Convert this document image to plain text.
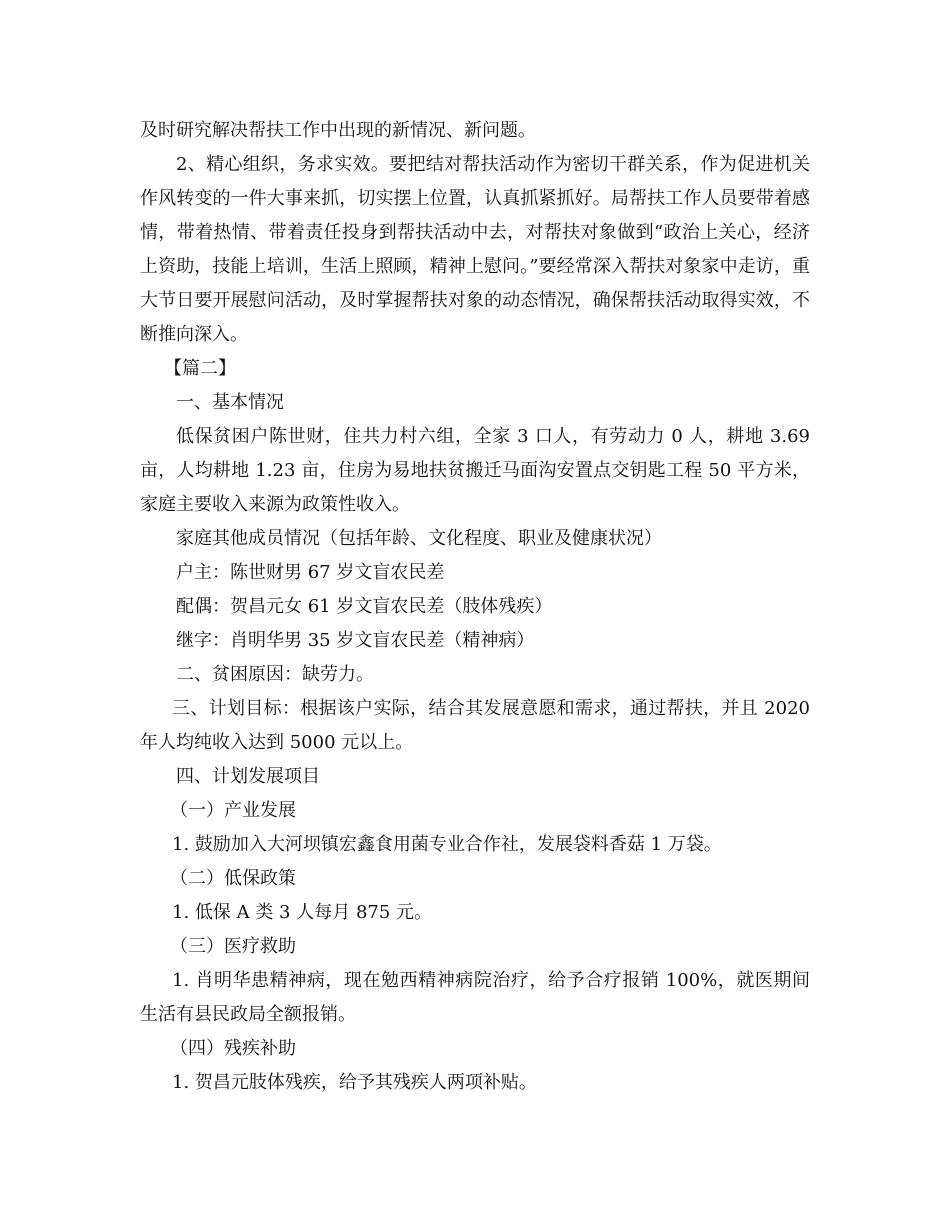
及时研究解决帮扶工作中出现的新情况、新问题。

2、精心组织，务求实效。要把结对帮扶活动作为密切干群关系，作为促进机关作风转变的一件大事来抓，切实摆上位置，认真抓紧抓好。局帮扶工作人员要带着感情，带着热情、带着责任投身到帮扶活动中去，对帮扶对象做到“政治上关心，经济上资助，技能上培训，生活上照顾，精神上慰问。”要经常深入帮扶对象家中走访，重大节日要开展慰问活动，及时掌握帮扶对象的动态情况，确保帮扶活动取得实效，不断推向深入。

【篇二】

一、基本情况

低保贫困户陈世财，住共力村六组，全家 3 口人，有劳动力 0 人，耕地 3.69 亩，人均耕地 1.23 亩，住房为易地扶贫搬迁马面沟安置点交钥匙工程 50 平方米，家庭主要收入来源为政策性收入。

家庭其他成员情况（包括年龄、文化程度、职业及健康状况）

户主：陈世财男 67 岁文盲农民差

配偶：贺昌元女 61 岁文盲农民差（肢体残疾）

继字：肖明华男 35 岁文盲农民差（精神病）

二、贫困原因：缺劳力。

三、计划目标：根据该户实际，结合其发展意愿和需求，通过帮扶，并且 2020 年人均纯收入达到 5000 元以上。

四、计划发展项目

（一）产业发展

1. 鼓励加入大河坝镇宏鑫食用菌专业合作社，发展袋料香菇 1 万袋。

（二）低保政策

1. 低保 A 类 3 人每月 875 元。

（三）医疗救助

1. 肖明华患精神病，现在勉西精神病院治疗，给予合疗报销 100%，就医期间生活有县民政局全额报销。

（四）残疾补助

1. 贺昌元肢体残疾，给予其残疾人两项补贴。
